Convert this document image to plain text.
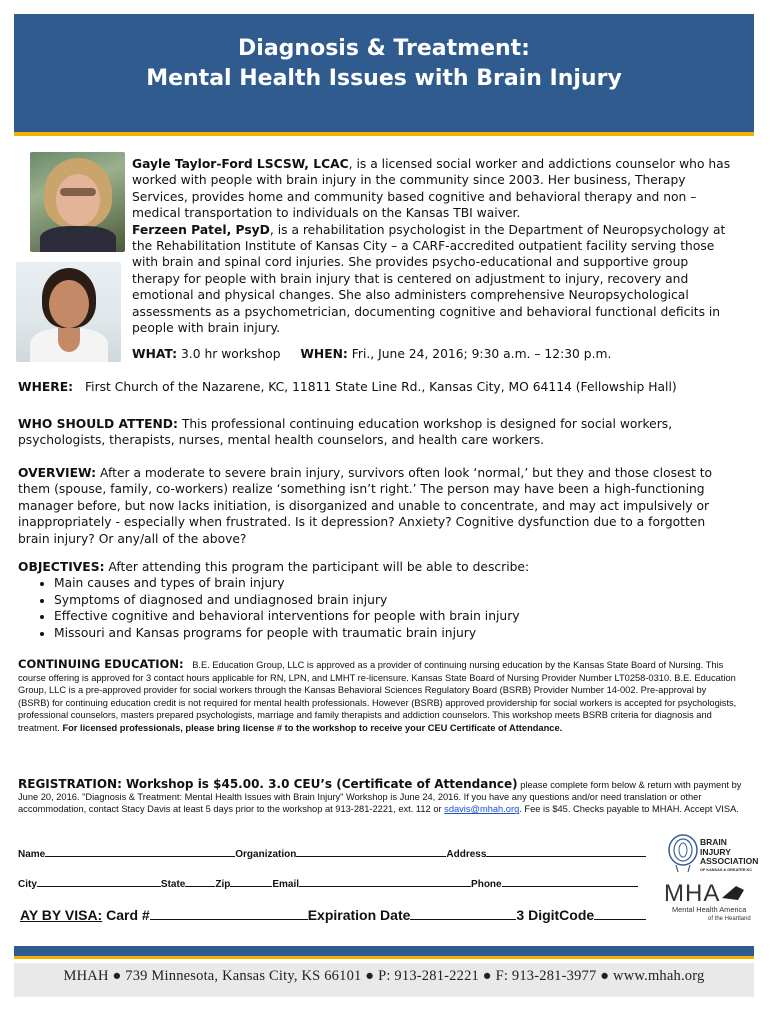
Diagnosis & Treatment:
Mental Health Issues with Brain Injury
Gayle Taylor-Ford LSCSW, LCAC, is a licensed social worker and addictions counselor who has worked with people with brain injury in the community since 2003. Her business, Therapy Services, provides home and community based cognitive and behavioral therapy and non – medical transportation to individuals on the Kansas TBI waiver.
Ferzeen Patel, PsyD, is a rehabilitation psychologist in the Department of Neuropsychology at the Rehabilitation Institute of Kansas City – a CARF-accredited outpatient facility serving those with brain and spinal cord injuries. She provides psycho-educational and supportive group therapy for people with brain injury that is centered on adjustment to injury, recovery and emotional and physical changes. She also administers comprehensive Neuropsychological assessments as a psychometrician, documenting cognitive and behavioral functional deficits in people with brain injury.
WHAT: 3.0 hr workshop WHEN: Fri., June 24, 2016; 9:30 a.m. – 12:30 p.m.
WHERE: First Church of the Nazarene, KC, 11811 State Line Rd., Kansas City, MO 64114 (Fellowship Hall)
WHO SHOULD ATTEND: This professional continuing education workshop is designed for social workers, psychologists, therapists, nurses, mental health counselors, and health care workers.
OVERVIEW: After a moderate to severe brain injury, survivors often look ‘normal,’ but they and those closest to them (spouse, family, co-workers) realize ‘something isn’t right.’ The person may have been a high-functioning manager before, but now lacks initiation, is disorganized and unable to concentrate, and may act impulsively or inappropriately - especially when frustrated. Is it depression? Anxiety? Cognitive dysfunction due to a forgotten brain injury? Or any/all of the above?
OBJECTIVES: After attending this program the participant will be able to describe:
• Main causes and types of brain injury
• Symptoms of diagnosed and undiagnosed brain injury
• Effective cognitive and behavioral interventions for people with brain injury
• Missouri and Kansas programs for people with traumatic brain injury
CONTINUING EDUCATION: B.E. Education Group, LLC is approved as a provider of continuing nursing education by the Kansas State Board of Nursing. This course offering is approved for 3 contact hours applicable for RN, LPN, and LMHT re-licensure. Kansas State Board of Nursing Provider Number LT0258-0310. B.E. Education Group, LLC is a pre-approved provider for social workers through the Kansas Behavioral Sciences Regulatory Board (BSRB) Provider Number 14-002. Pre-approval by (BSRB) for continuing education credit is not required for mental health professionals. However (BSRB) approved providership for social workers is accepted for psychologists, professional counselors, masters prepared psychologists, marriage and family therapists and addiction counselors. This workshop meets BSRB criteria for diagnosis and treatment. For licensed professionals, please bring license # to the workshop to receive your CEU Certificate of Attendance.
REGISTRATION: Workshop is $45.00. 3.0 CEU’s (Certificate of Attendance) please complete form below & return with payment by June 20, 2016. "Diagnosis & Treatment: Mental Health Issues with Brain Injury" Workshop is June 24, 2016. If you have any questions and/or need translation or other accommodation, contact Stacy Davis at least 5 days prior to the workshop at 913-281-2221, ext. 112 or sdavis@mhah.org. Fee is $45. Checks payable to MHAH. Accept VISA.
Name	Organization	Address
City	State	Zip	Email	Phone
AY BY VISA: Card #	Expiration Date	3 DigitCode
BRAIN INJURY
ASSOCIATION
OF KANSAS & GREATER KC
MHA
Mental Health America
of the Heartland
MHAH ● 739 Minnesota, Kansas City, KS 66101 ● P: 913-281-2221 ● F: 913-281-3977 ● www.mhah.org
